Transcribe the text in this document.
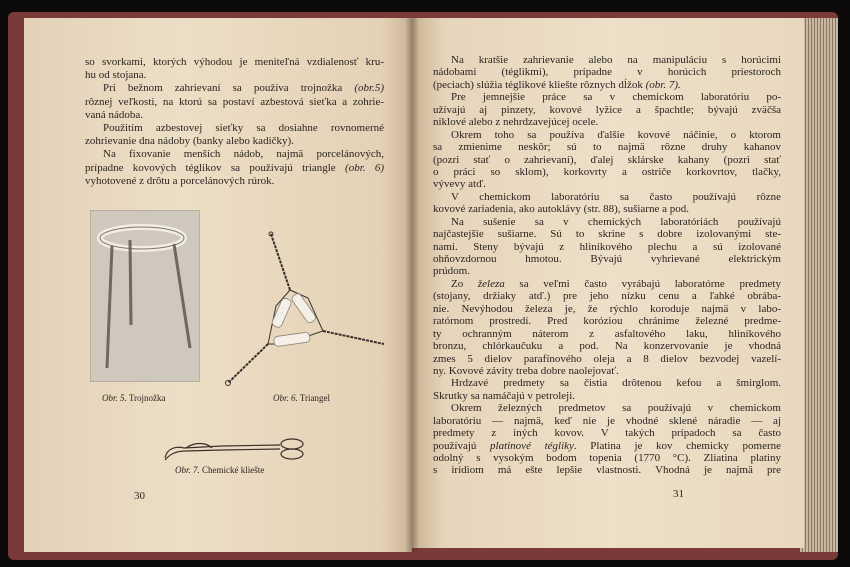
so svorkami, ktorých výhodou je meniteľná vzdialenosť kru-
hu od stojana.
Pri bežnom zahrievaní sa používa trojnožka (obr.5)
rôznej veľkosti, na ktorú sa postaví azbestová sieťka a zohrie-
vaná nádoba.
Použitím azbestovej sieťky sa dosiahne rovnomerné
zohrievanie dna nádoby (banky alebo kadičky).
Na fixovanie menších nádob, najmä porcelánových,
prípadne kovových téglikov sa používajú triangle (obr. 6)
vyhotovené z drôtu a porcelánových rúrok.
Na kratšie zahrievanie alebo na manipuláciu s horúcimi
nádobami (téglikmi), prípadne v horúcich priestoroch
(peciach) slúžia téglikové kliešte rôznych dĺžok (obr. 7).
Pre jemnejšie práce sa v chemickom laboratóriu po-
užívajú aj pinzety, kovové lyžice a špachtle; bývajú zväčša
niklové alebo z nehrdzavejúcej ocele.
Okrem toho sa používa ďalšie kovové náčinie, o ktorom
sa zmienime neskôr; sú to najmä rôzne druhy kahanov
(pozri stať o zahrievaní), ďalej sklárske kahany (pozri stať
o práci so sklom), korkovrty a ostriče korkovrtov, tlačky,
vývevy atď.
V chemickom laboratóriu sa často používajú rôzne
kovové zariadenia, ako autoklávy (str. 88), sušiarne a pod.
Na sušenie sa v chemických laboratóriách používajú
najčastejšie sušiarne. Sú to skrine s dobre izolovanými ste-
nami. Steny bývajú z hliníkového plechu a sú izolované
ohňovzdornou hmotou. Bývajú vyhrievané elektrickým
prúdom.
Zo železa sa veľmi často vyrábajú laboratórne predmety
(stojany, držiaky atď.) pre jeho nízku cenu a ľahké obrába-
nie. Nevýhodou železa je, že rýchlo koroduje najmä v labo-
ratórnom prostredí. Pred koróziou chránime železné predme-
ty ochranným náterom z asfaltového laku, hliníkového
bronzu, chlórkaučuku a pod. Na konzervovanie je vhodná
zmes 5 dielov parafínového oleja a 8 dielov bezvodej vazelí-
ny. Kovové závity treba dobre naolejovať.
Hrdzavé predmety sa čistia drôtenou kefou a šmirglom.
Skrutky sa namáčajú v petroleji.
Okrem železných predmetov sa používajú v chemickom
laboratóriu — najmä, keď nie je vhodné sklené náradie — aj
predmety z iných kovov. V takých prípadoch sa často
používajú platinové tégliky. Platina je kov chemicky pomerne
odolný s vysokým bodom topenia (1770 °C). Zliatina platiny
s irídiom má ešte lepšie vlastnosti. Vhodná je najmä pre
Obr. 5. Trojnožka	Obr. 6. Triangel
Obr. 7. Chemické kliešte
30	31
